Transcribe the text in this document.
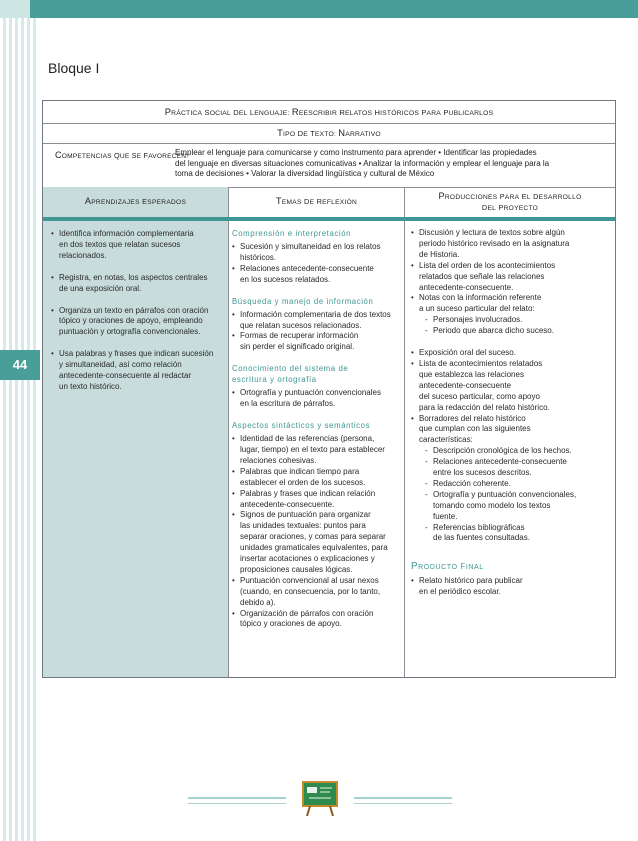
44
Bloque I
PRÁCTICA SOCIAL DEL LENGUAJE: REESCRIBIR RELATOS HISTÓRICOS PARA PUBLICARLOS
TIPO DE TEXTO: NARRATIVO
COMPETENCIAS QUE SE FAVORECEN:
Emplear el lenguaje para comunicarse y como instrumento para aprender • Identificar las propiedades
del lenguaje en diversas situaciones comunicativas • Analizar la información y emplear el lenguaje para la
toma de decisiones • Valorar la diversidad lingüística y cultural de México
APRENDIZAJES ESPERADOS	TEMAS DE REFLEXIÓN
PRODUCCIONES PARA EL DESARROLLO
DEL PROYECTO
• Identifica información complementaria
en dos textos que relatan sucesos
relacionados.
• Registra, en notas, los aspectos centrales
de una exposición oral.
• Organiza un texto en párrafos con oración
tópico y oraciones de apoyo, empleando
puntuación y ortografía convencionales.
• Usa palabras y frases que indican sucesión
y simultaneidad, así como relación
antecedente-consecuente al redactar
un texto histórico.
Comprensión e interpretación
• Sucesión y simultaneidad en los relatos
históricos.
• Relaciones antecedente-consecuente
en los sucesos relatados.
Búsqueda y manejo de información
• Información complementaria de dos textos
que relatan sucesos relacionados.
• Formas de recuperar información
sin perder el significado original.
Conocimiento del sistema de
escritura y ortografía
• Ortografía y puntuación convencionales
en la escritura de párrafos.
Aspectos sintácticos y semánticos
• Identidad de las referencias (persona,
lugar, tiempo) en el texto para establecer
relaciones cohesivas.
• Palabras que indican tiempo para
establecer el orden de los sucesos.
• Palabras y frases que indican relación
antecedente-consecuente.
• Signos de puntuación para organizar
las unidades textuales: puntos para
separar oraciones, y comas para separar
unidades gramaticales equivalentes, para
insertar acotaciones o explicaciones y
proposiciones causales lógicas.
• Puntuación convencional al usar nexos
(cuando, en consecuencia, por lo tanto,
debido a).
• Organización de párrafos con oración
tópico y oraciones de apoyo.
• Discusión y lectura de textos sobre algún
periodo histórico revisado en la asignatura
de Historia.
• Lista del orden de los acontecimientos
relatados que señale las relaciones
antecedente-consecuente.
• Notas con la información referente
a un suceso particular del relato:
- Personajes involucrados.
- Periodo que abarca dicho suceso.
• Exposición oral del suceso.
• Lista de acontecimientos relatados
que establezca las relaciones
antecedente-consecuente
del suceso particular, como apoyo
para la redacción del relato histórico.
• Borradores del relato histórico
que cumplan con las siguientes
características:
- Descripción cronológica de los hechos.
- Relaciones antecedente-consecuente
entre los sucesos descritos.
- Redacción coherente.
- Ortografía y puntuación convencionales,
tomando como modelo los textos
fuente.
- Referencias bibliográficas
de las fuentes consultadas.
PRODUCTO FINAL
• Relato histórico para publicar
en el periódico escolar.
